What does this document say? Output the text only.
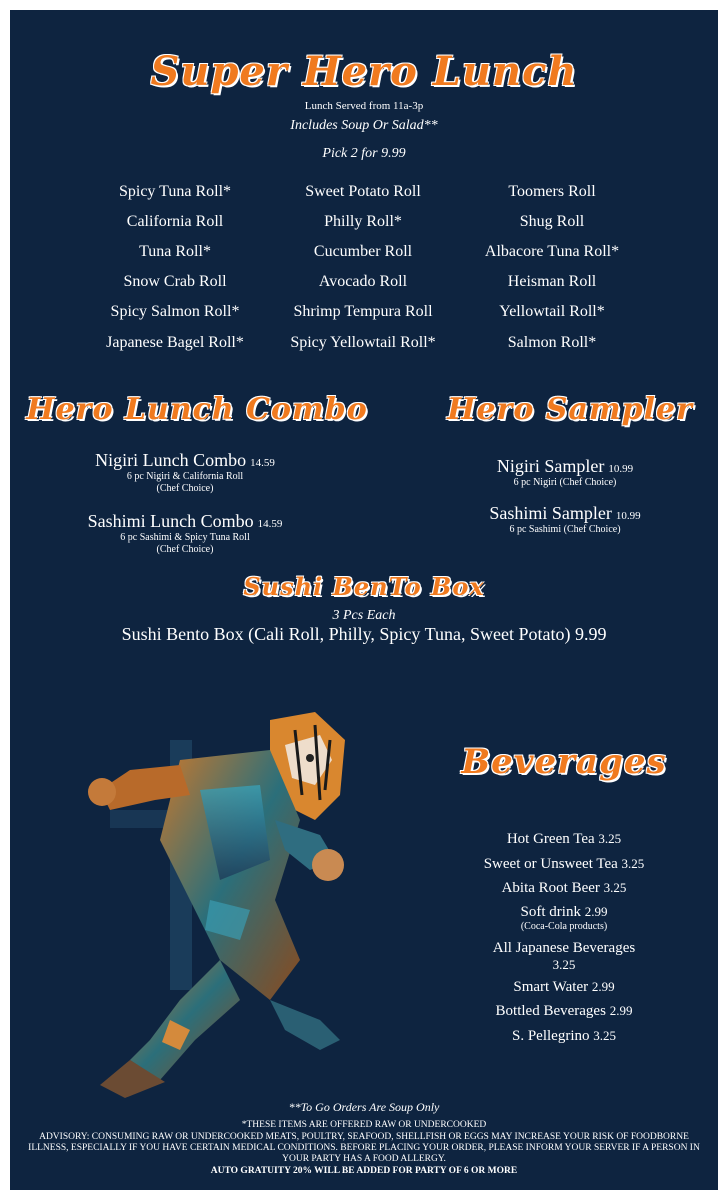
Super Hero Lunch
Lunch Served from 11a-3p
Includes Soup Or Salad**
Pick 2 for 9.99
Spicy Tuna Roll*
California Roll
Tuna Roll*
Snow Crab Roll
Spicy Salmon Roll*
Japanese Bagel Roll*
Sweet Potato Roll
Philly Roll*
Cucumber Roll
Avocado Roll
Shrimp Tempura Roll
Spicy Yellowtail Roll*
Toomers Roll
Shug Roll
Albacore Tuna Roll*
Heisman Roll
Yellowtail Roll*
Salmon Roll*
Hero Lunch Combo
Nigiri Lunch Combo 14.59
6 pc Nigiri & California Roll
(Chef Choice)
Sashimi Lunch Combo 14.59
6 pc Sashimi & Spicy Tuna Roll
(Chef Choice)
Hero Sampler
Nigiri Sampler 10.99
6 pc Nigiri (Chef Choice)
Sashimi Sampler 10.99
6 pc Sashimi (Chef Choice)
Sushi BenTo Box
3 Pcs Each
Sushi Bento Box (Cali Roll, Philly, Spicy Tuna, Sweet Potato) 9.99
Beverages
Hot Green Tea 3.25
Sweet or Unsweet Tea 3.25
Abita Root Beer 3.25
Soft drink 2.99
(Coca-Cola products)
All Japanese Beverages
3.25
Smart Water 2.99
Bottled Beverages 2.99
S. Pellegrino 3.25
**To Go Orders Are Soup Only
*THESE ITEMS ARE OFFERED RAW OR UNDERCOOKED
ADVISORY: CONSUMING RAW OR UNDERCOOKED MEATS, POULTRY, SEAFOOD, SHELLFISH OR EGGS MAY INCREASE YOUR RISK OF FOODBORNE ILLNESS, ESPECIALLY IF YOU HAVE CERTAIN MEDICAL CONDITIONS. BEFORE PLACING YOUR ORDER, PLEASE INFORM YOUR SERVER IF A PERSON IN YOUR PARTY HAS A FOOD ALLERGY.
AUTO GRATUITY 20% WILL BE ADDED FOR PARTY OF 6 OR MORE
